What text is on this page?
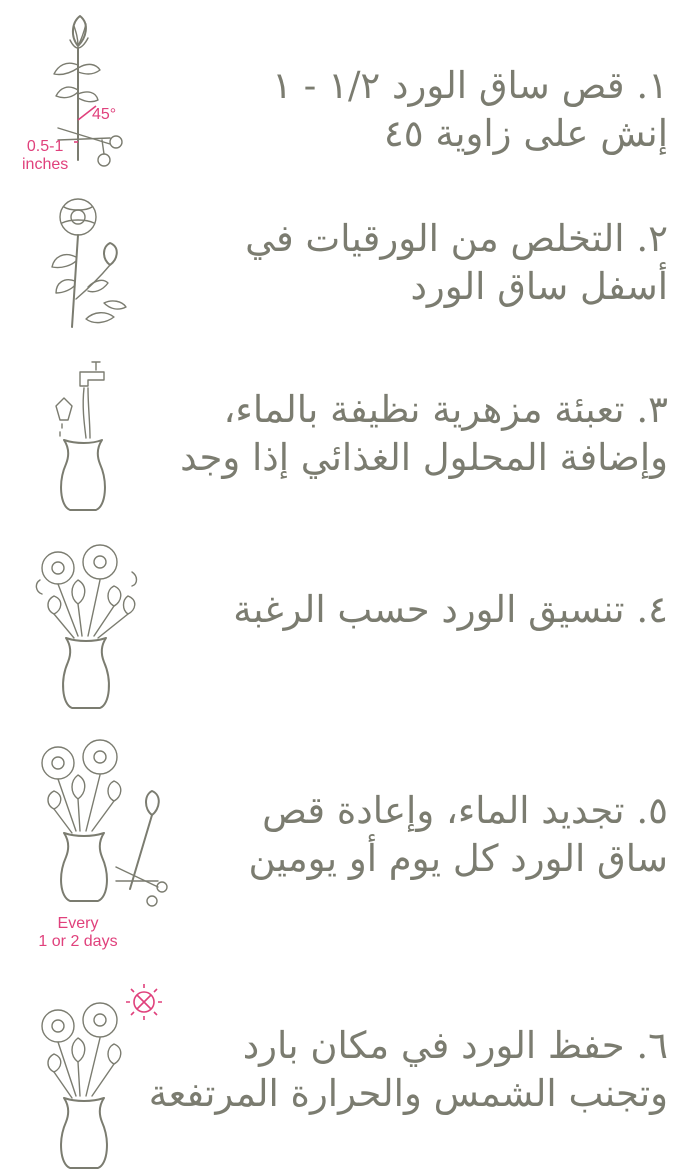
45°
0.5-1
inches
١. قص ساق الورد ١/٢ - ١
إنش على زاوية ٤٥
٢. التخلص من الورقيات في
أسفل ساق الورد
٣. تعبئة مزهرية نظيفة بالماء،
وإضافة المحلول الغذائي إذا وجد
٤. تنسيق الورد حسب الرغبة
Every
1 or 2 days
٥. تجديد الماء، وإعادة قص
ساق الورد كل يوم أو يومين
٦. حفظ الورد في مكان بارد
وتجنب الشمس والحرارة المرتفعة
